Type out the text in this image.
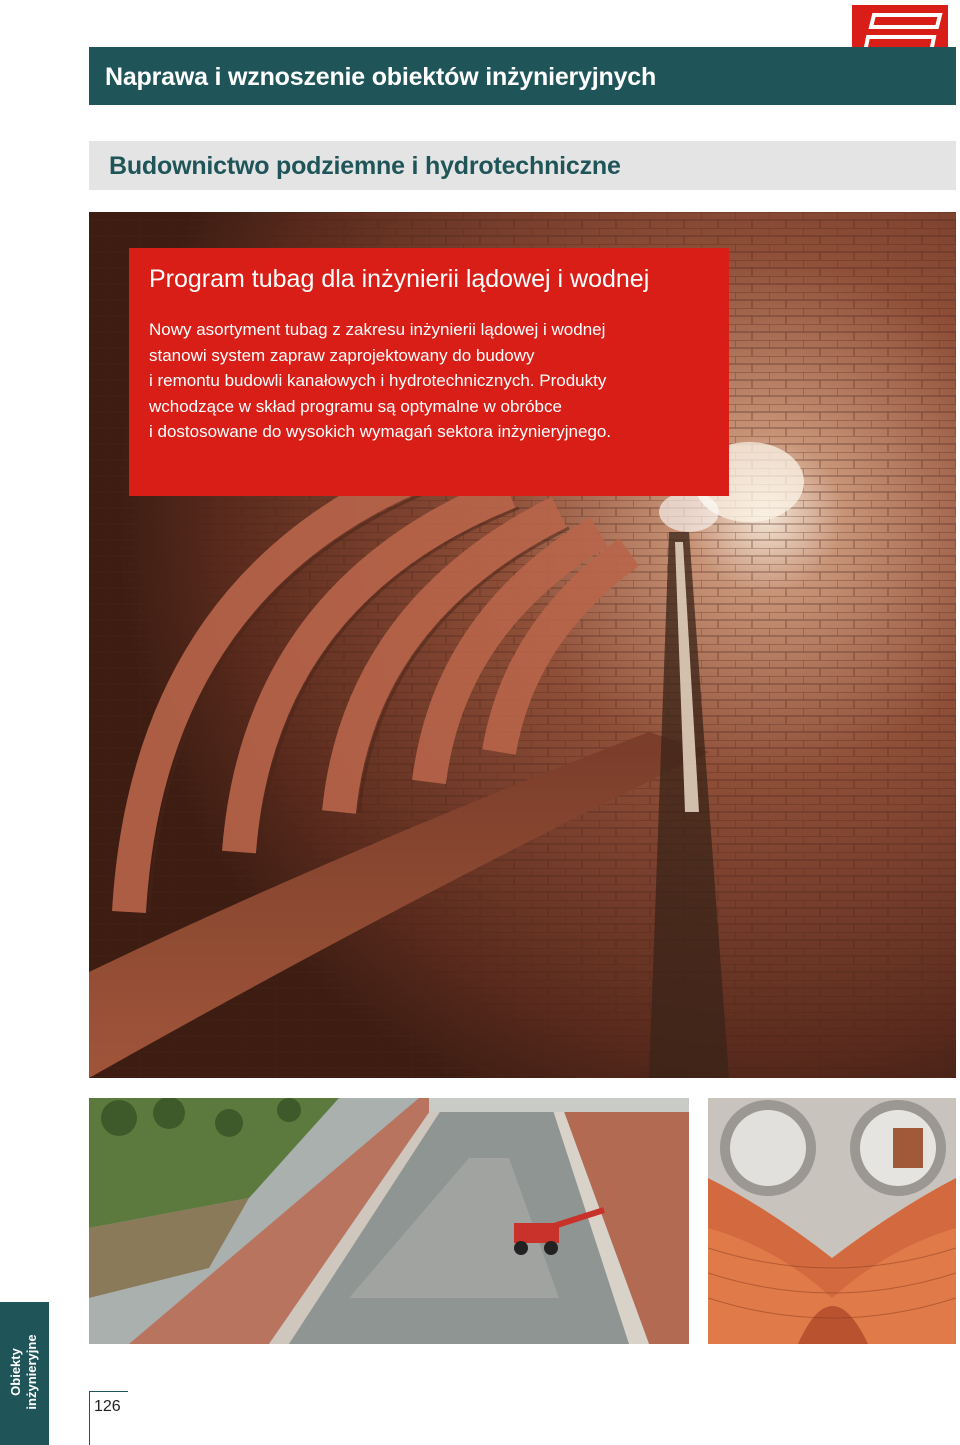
Naprawa i wznoszenie obiektów inżynieryjnych
Budownictwo podziemne i hydrotechniczne
Program tubag dla inżynierii lądowej i wodnej
Nowy asortyment tubag z zakresu inżynierii lądowej i wodnej
stanowi system zapraw zaprojektowany do budowy
i remontu budowli kanałowych i hydrotechnicznych. Produkty
wchodzące w skład programu są optymalne w obróbce
i dostosowane do wysokich wymagań sektora inżynieryjnego.
Obiekty inżynieryjne	126
